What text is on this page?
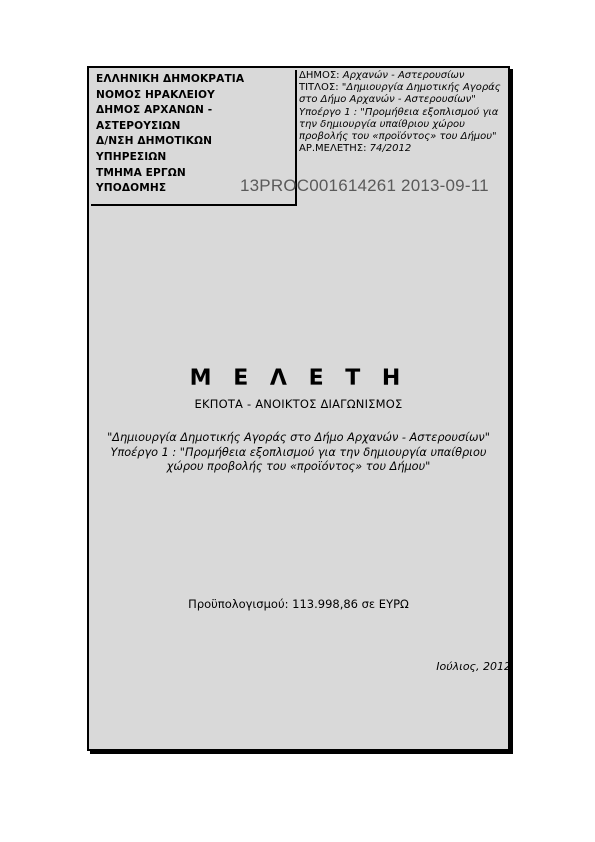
ΕΛΛΗΝΙΚΗ ΔΗΜΟΚΡΑΤΙΑ
ΝΟΜΟΣ ΗΡΑΚΛΕΙΟΥ
ΔΗΜΟΣ ΑΡΧΑΝΩΝ -
ΑΣΤΕΡΟΥΣΙΩΝ
Δ/ΝΣΗ ΔΗΜΟΤΙΚΩΝ
ΥΠΗΡΕΣΙΩΝ
ΤΜΗΜΑ ΕΡΓΩΝ
ΥΠΟΔΟΜΗΣ
ΔΗΜΟΣ: Αρχανών - Αστερουσίων
ΤΙΤΛΟΣ: "Δημιουργία Δημοτικής Αγοράς στο Δήμο Αρχανών - Αστερουσίων" Υποέργο 1 : "Προμήθεια εξοπλισμού για την δημιουργία υπαίθριου χώρου προβολής του «προϊόντος» του Δήμου"
ΑΡ.ΜΕΛΕΤΗΣ: 74/2012
13PROC001614261 2013-09-11
Μ Ε Λ Ε Τ Η
ΕΚΠΟΤΑ - ΑΝΟΙΚΤΟΣ ΔΙΑΓΩΝΙΣΜΟΣ
"Δημιουργία Δημοτικής Αγοράς στο Δήμο Αρχανών - Αστερουσίων" Υποέργο 1 : "Προμήθεια εξοπλισμού για την δημιουργία υπαίθριου χώρου προβολής του «προϊόντος» του Δήμου"
Προϋπολογισμού: 113.998,86 σε ΕΥΡΩ
Ιούλιος, 2012
